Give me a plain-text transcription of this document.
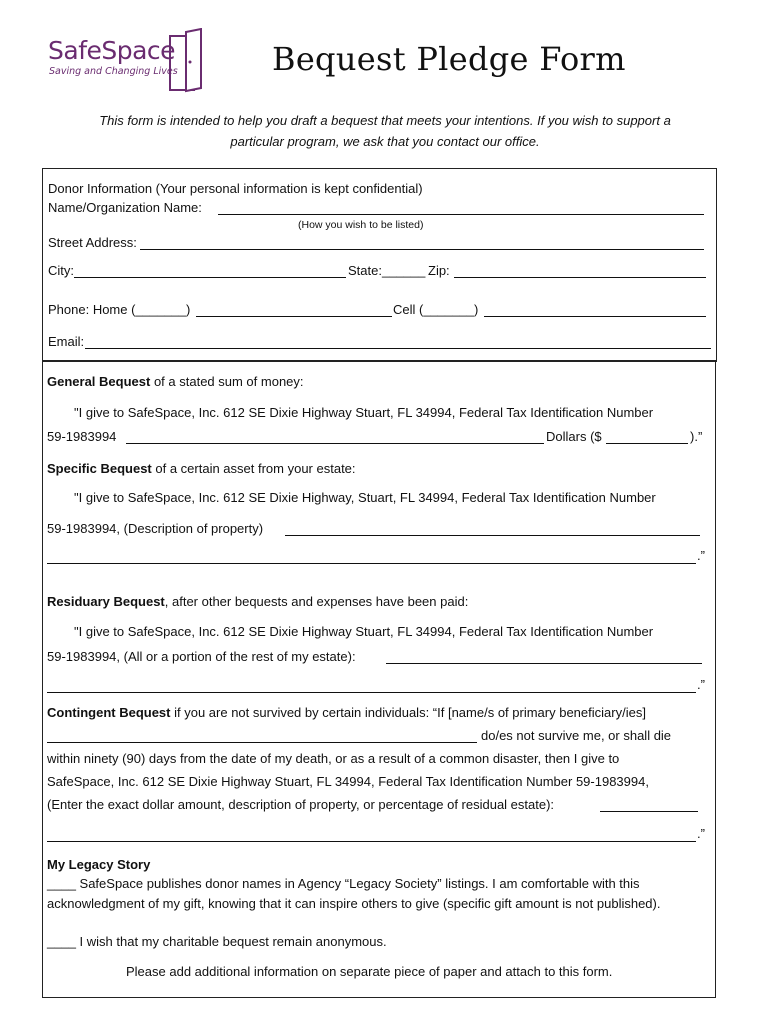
SafeSpace
Saving and Changing Lives	Bequest Pledge Form
This form is intended to help you draft a bequest that meets your intentions. If you wish to support a
particular program, we ask that you contact our office.
Donor Information (Your personal information is kept confidential)
Name/Organization Name:
(How you wish to be listed)
Street Address:
City:	State:______ Zip:
Phone: Home (_______)	Cell (_______)
Email:
General Bequest of a stated sum of money:
"I give to SafeSpace, Inc. 612 SE Dixie Highway Stuart, FL 34994, Federal Tax Identification Number
59-1983994	Dollars ($	).”
Specific Bequest of a certain asset from your estate:
"I give to SafeSpace, Inc. 612 SE Dixie Highway, Stuart, FL 34994, Federal Tax Identification Number
59-1983994, (Description of property)
.”
Residuary Bequest, after other bequests and expenses have been paid:
"I give to SafeSpace, Inc. 612 SE Dixie Highway Stuart, FL 34994, Federal Tax Identification Number
59-1983994, (All or a portion of the rest of my estate):
.”
Contingent Bequest if you are not survived by certain individuals: “If [name/s of primary beneficiary/ies]
do/es not survive me, or shall die
within ninety (90) days from the date of my death, or as a result of a common disaster, then I give to
SafeSpace, Inc. 612 SE Dixie Highway Stuart, FL 34994, Federal Tax Identification Number 59-1983994,
(Enter the exact dollar amount, description of property, or percentage of residual estate):
.”
My Legacy Story
____ SafeSpace publishes donor names in Agency “Legacy Society” listings. I am comfortable with this
acknowledgment of my gift, knowing that it can inspire others to give (specific gift amount is not published).
____ I wish that my charitable bequest remain anonymous.
Please add additional information on separate piece of paper and attach to this form.
